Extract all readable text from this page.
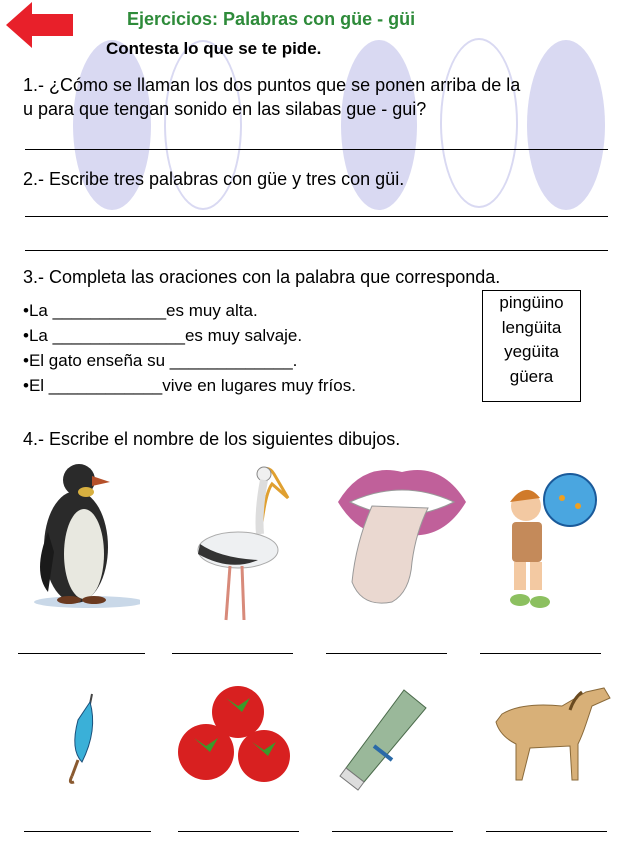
Ejercicios: Palabras con güe - güi
Contesta lo que se te pide.
1.- ¿Cómo se llaman los dos puntos que se ponen arriba de la
u para que tengan sonido en las silabas gue - gui?
2.- Escribe tres palabras con güe y tres con güi.
3.- Completa las oraciones con la palabra que corresponda.
•La ____________es muy alta.
•La ______________es muy salvaje.
•El gato enseña su _____________.
•El ____________vive en lugares muy fríos.
pingüino
lengüita
yegüita
güera
4.- Escribe el nombre de los siguientes dibujos.
